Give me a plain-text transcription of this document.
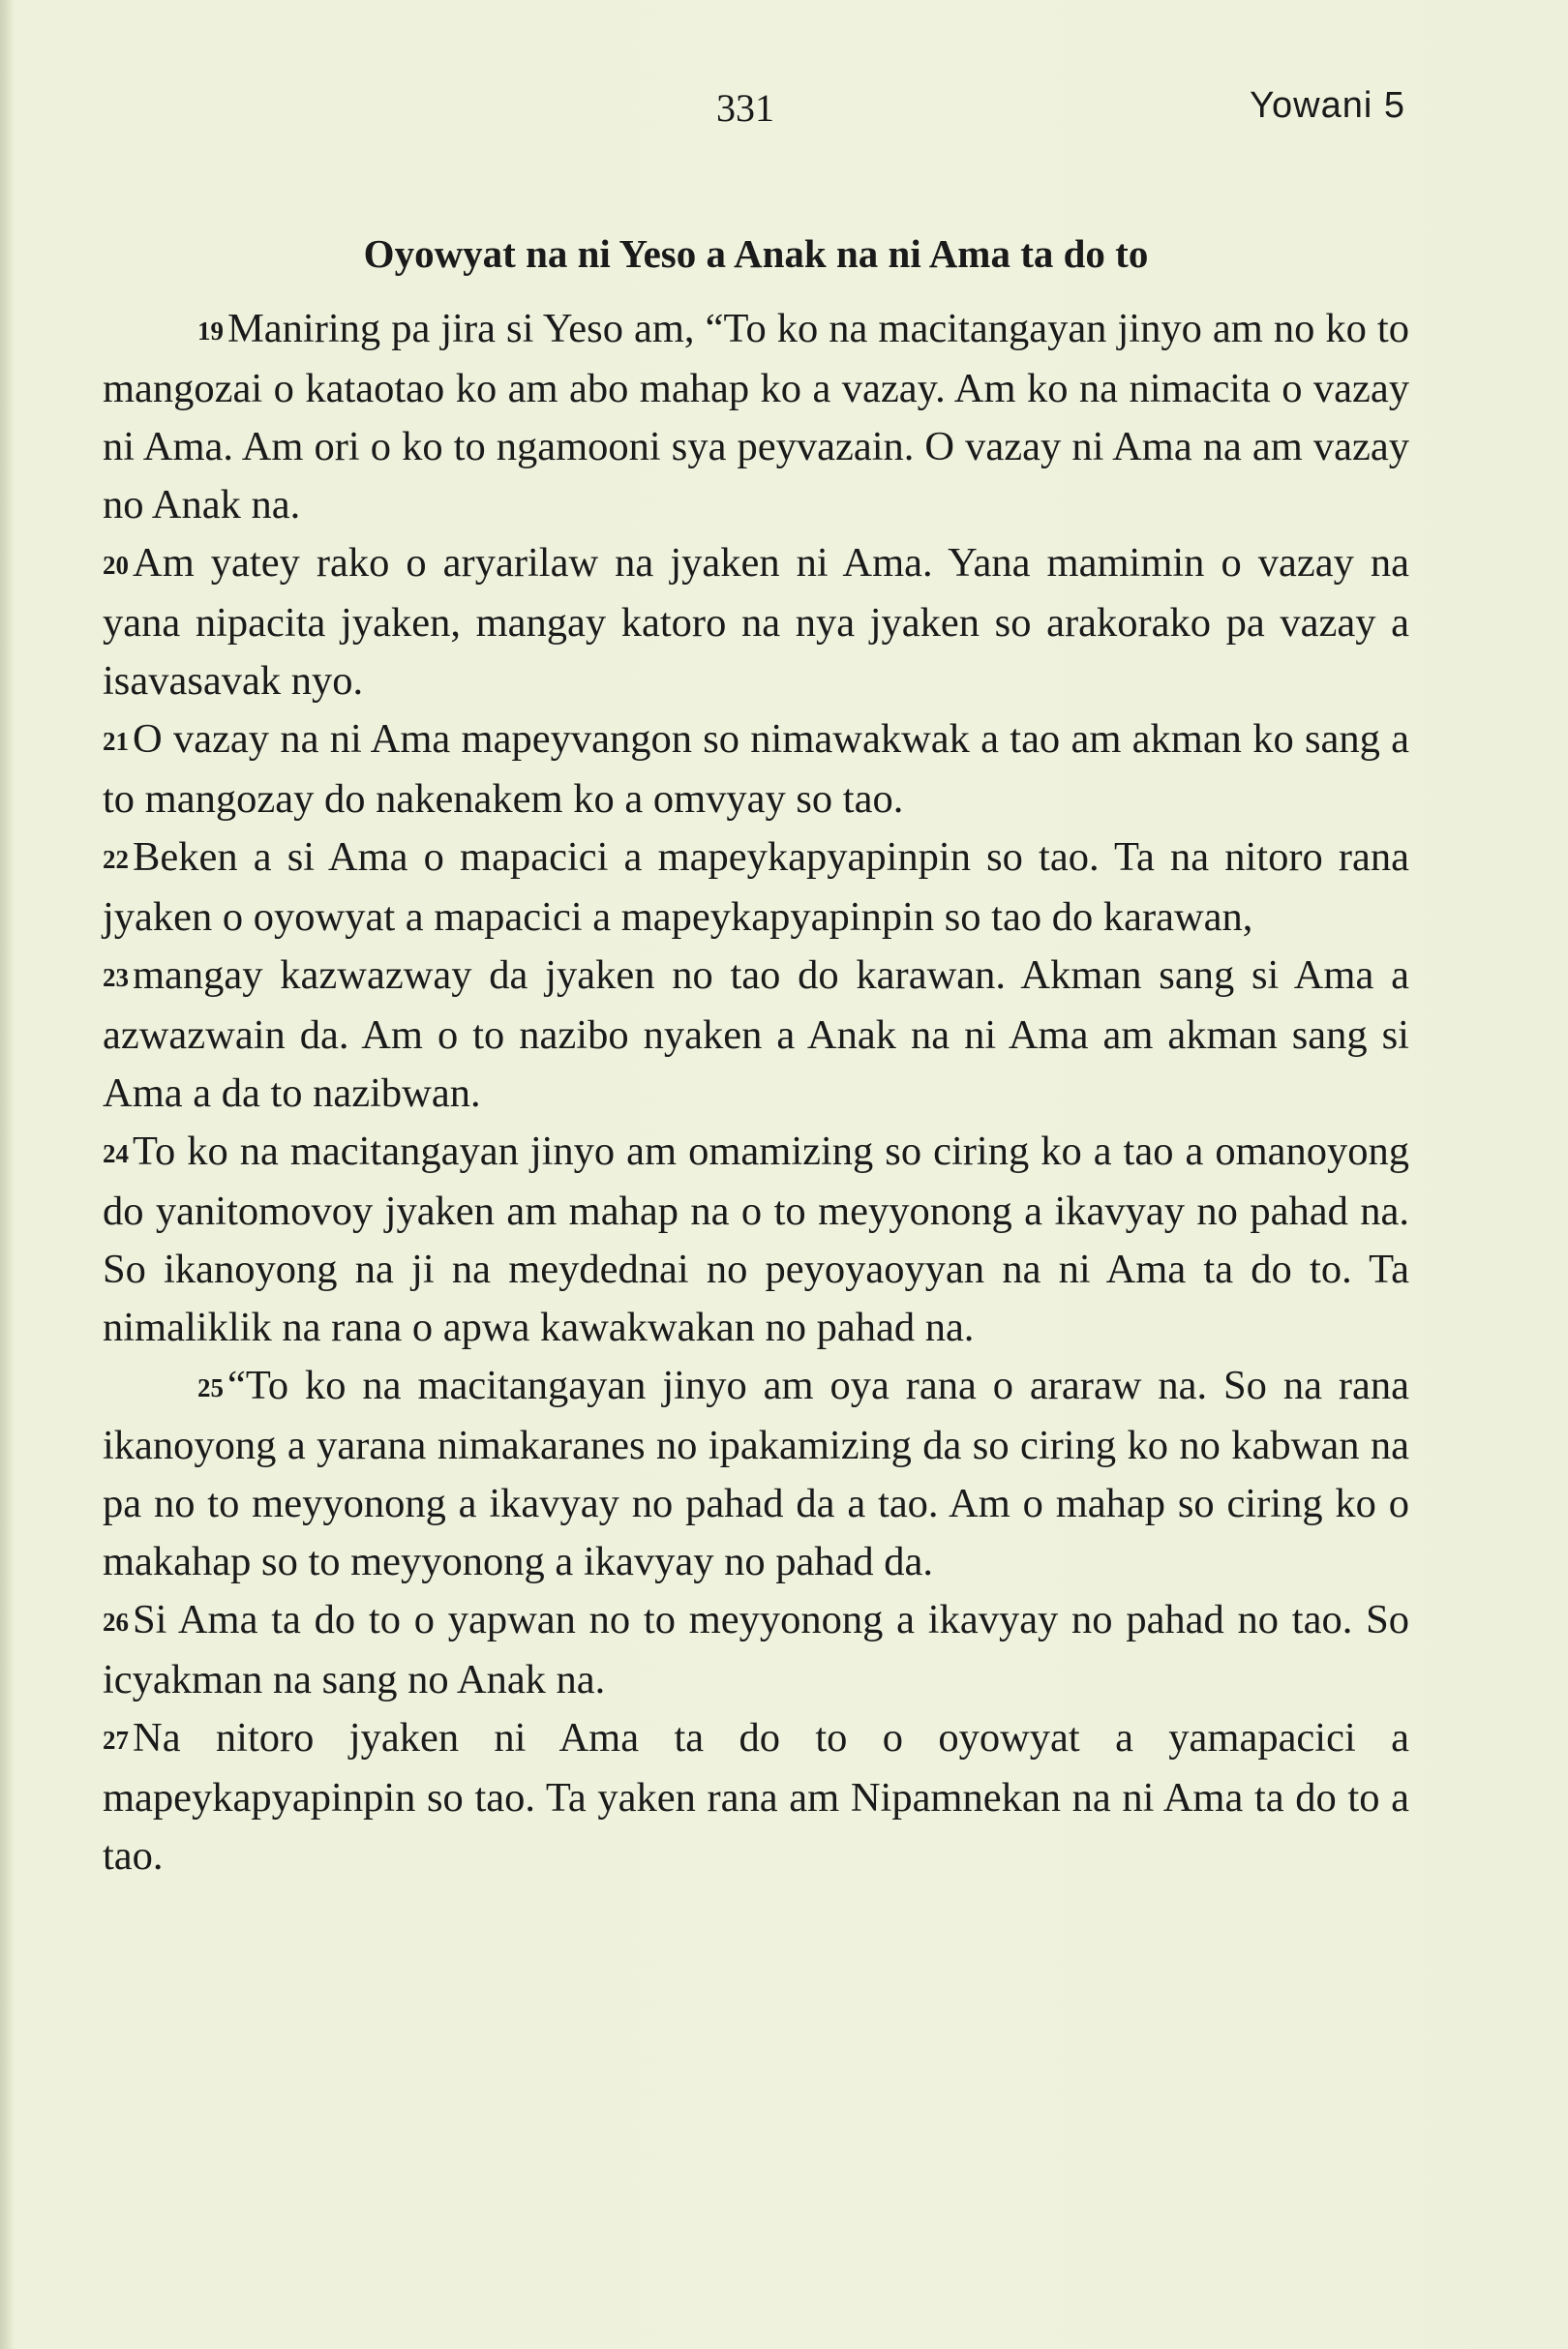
331	Yowani 5
Oyowyat na ni Yeso a Anak na ni Ama ta do to

19Maniring pa jira si Yeso am, “To ko na macitangayan jinyo am no ko to mangozai o kataotao ko am abo mahap ko a vazay. Am ko na nimacita o vazay ni Ama. Am ori o ko to ngamooni sya peyvazain. O vazay ni Ama na am vazay no Anak na.

20Am yatey rako o aryarilaw na jyaken ni Ama. Yana mamimin o vazay na yana nipacita jyaken, mangay katoro na nya jyaken so arakorako pa vazay a isavasavak nyo.

21O vazay na ni Ama mapeyvangon so nimawakwak a tao am akman ko sang a to mangozay do nakenakem ko a omvyay so tao.

22Beken a si Ama o mapacici a mapeykapyapinpin so tao. Ta na nitoro rana jyaken o oyowyat a mapacici a mapeykapyapinpin so tao do karawan,

23mangay kazwazway da jyaken no tao do karawan. Akman sang si Ama a azwazwain da. Am o to nazibo nyaken a Anak na ni Ama am akman sang si Ama a da to nazibwan.

24To ko na macitangayan jinyo am omamizing so ciring ko a tao a omanoyong do yanitomovoy jyaken am mahap na o to meyyonong a ikavyay no pahad na. So ikanoyong na ji na meydednai no peyoyaoyyan na ni Ama ta do to. Ta nimaliklik na rana o apwa kawakwakan no pahad na.

25“To ko na macitangayan jinyo am oya rana o araraw na. So na rana ikanoyong a yarana nimakaranes no ipakamizing da so ciring ko no kabwan na pa no to meyyonong a ikavyay no pahad da a tao. Am o mahap so ciring ko o makahap so to meyyonong a ikavyay no pahad da.

26Si Ama ta do to o yapwan no to meyyonong a ikavyay no pahad no tao. So icyakman na sang no Anak na.

27Na nitoro jyaken ni Ama ta do to o oyowyat a yamapacici a mapeykapyapinpin so tao. Ta yaken rana am Nipamnekan na ni Ama ta do to a tao.
